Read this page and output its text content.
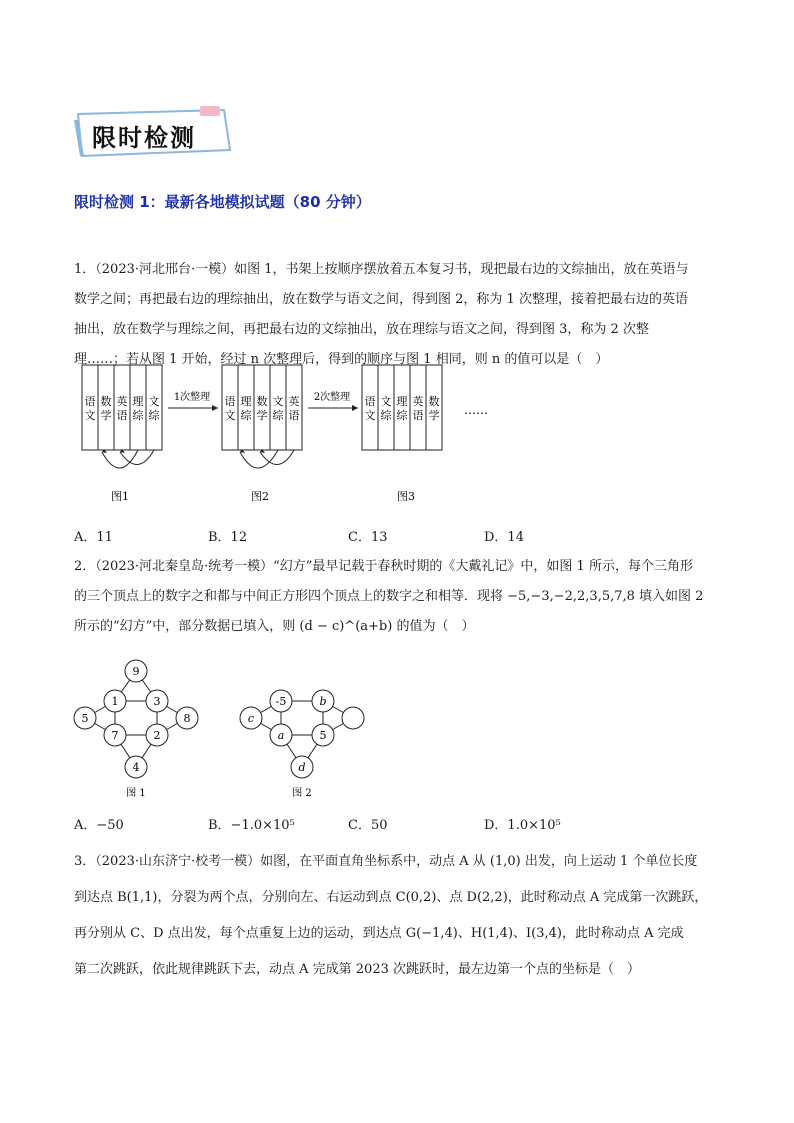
限时检测
限时检测 1：最新各地模拟试题（80 分钟）
1．（2023·河北邢台·一模）如图 1，书架上按顺序摆放着五本复习书，现把最右边的文综抽出，放在英语与
数学之间；再把最右边的理综抽出，放在数学与语文之间，得到图 2，称为 1 次整理，接着把最右边的英语
抽出，放在数学与理综之间，再把最右边的文综抽出，放在理综与语文之间，得到图 3，称为 2 次整
理……；若从图 1 开始，经过 n 次整理后，得到的顺序与图 1 相同，则 n 的值可以是（　）
语
文
数
学
英
语
理
综
文
综
1次整理 语
文
理
综
数
学
文
综
英
语
2次整理 语
文
文
综
理
综
英
语
数
学 ……
图1	图2	图3
A．11	B．12	C．13	D．14
2．（2023·河北秦皇岛·统考一模）“幻方”最早记载于春秋时期的《大戴礼记》中，如图 1 所示，每个三角形
的三个顶点上的数字之和都与中间正方形四个顶点上的数字之和相等．现将 −5,−3,−2,2,3,5,7,8 填入如图 2
所示的“幻方”中，部分数据已填入，则 (d − c)^(a+b) 的值为（　）
9
1	3
5	8
7	2
4
图 1
-5	b
c
a	5
d
图 2
A．−50	B．−1.0×10⁵	C．50	D．1.0×10⁵
3．（2023·山东济宁·校考一模）如图，在平面直角坐标系中，动点 A 从 (1,0) 出发，向上运动 1 个单位长度
到达点 B(1,1)，分裂为两个点，分别向左、右运动到点 C(0,2)、点 D(2,2)，此时称动点 A 完成第一次跳跃，
再分别从 C、D 点出发，每个点重复上边的运动，到达点 G(−1,4)、H(1,4)、I(3,4)，此时称动点 A 完成
第二次跳跃，依此规律跳跃下去，动点 A 完成第 2023 次跳跃时，最左边第一个点的坐标是（　）
